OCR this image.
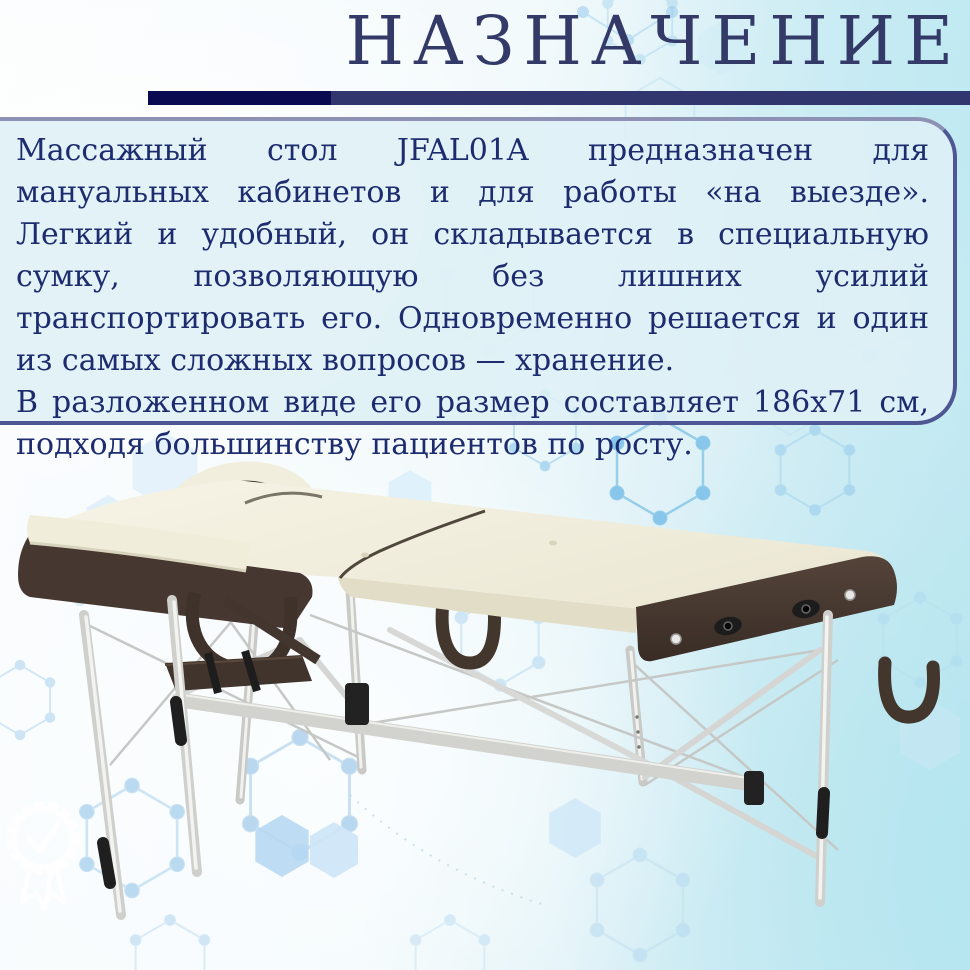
НАЗНАЧЕНИЕ

Массажный стол JFAL01A предназначен для мануальных кабинетов и для работы «на выезде». Легкий и удобный, он складывается в специальную сумку, позволяющую без лишних усилий транспортировать его. Одновременно решается и один из самых сложных вопросов — хранение.

В разложенном виде его размер составляет 186х71 см, подходя большинству пациентов по росту.
